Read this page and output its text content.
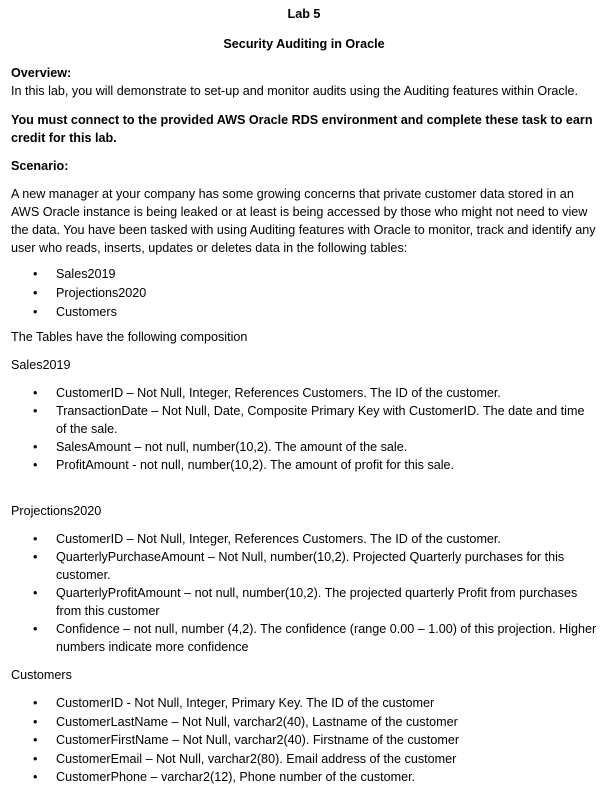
Lab 5

Security Auditing in Oracle

Overview:

In this lab, you will demonstrate to set-up and monitor audits using the Auditing features within Oracle.

You must connect to the provided AWS Oracle RDS environment and complete these task to earn credit for this lab.

Scenario:

A new manager at your company has some growing concerns that private customer data stored in an AWS Oracle instance is being leaked or at least is being accessed by those who might not need to view the data. You have been tasked with using Auditing features with Oracle to monitor, track and identify any user who reads, inserts, updates or deletes data in the following tables:

• Sales2019
• Projections2020
• Customers

The Tables have the following composition

Sales2019

• CustomerID – Not Null, Integer, References Customers. The ID of the customer.
• TransactionDate – Not Null, Date, Composite Primary Key with CustomerID. The date and time of the sale.
• SalesAmount – not null, number(10,2). The amount of the sale.
• ProfitAmount - not null, number(10,2). The amount of profit for this sale.

Projections2020

• CustomerID – Not Null, Integer, References Customers. The ID of the customer.
• QuarterlyPurchaseAmount – Not Null, number(10,2). Projected Quarterly purchases for this customer.
• QuarterlyProfitAmount – not null, number(10,2). The projected quarterly Profit from purchases from this customer
• Confidence – not null, number (4,2). The confidence (range 0.00 – 1.00) of this projection. Higher numbers indicate more confidence

Customers

• CustomerID - Not Null, Integer, Primary Key. The ID of the customer
• CustomerLastName – Not Null, varchar2(40), Lastname of the customer
• CustomerFirstName – Not Null, varchar2(40). Firstname of the customer
• CustomerEmail – Not Null, varchar2(80). Email address of the customer
• CustomerPhone – varchar2(12), Phone number of the customer.
